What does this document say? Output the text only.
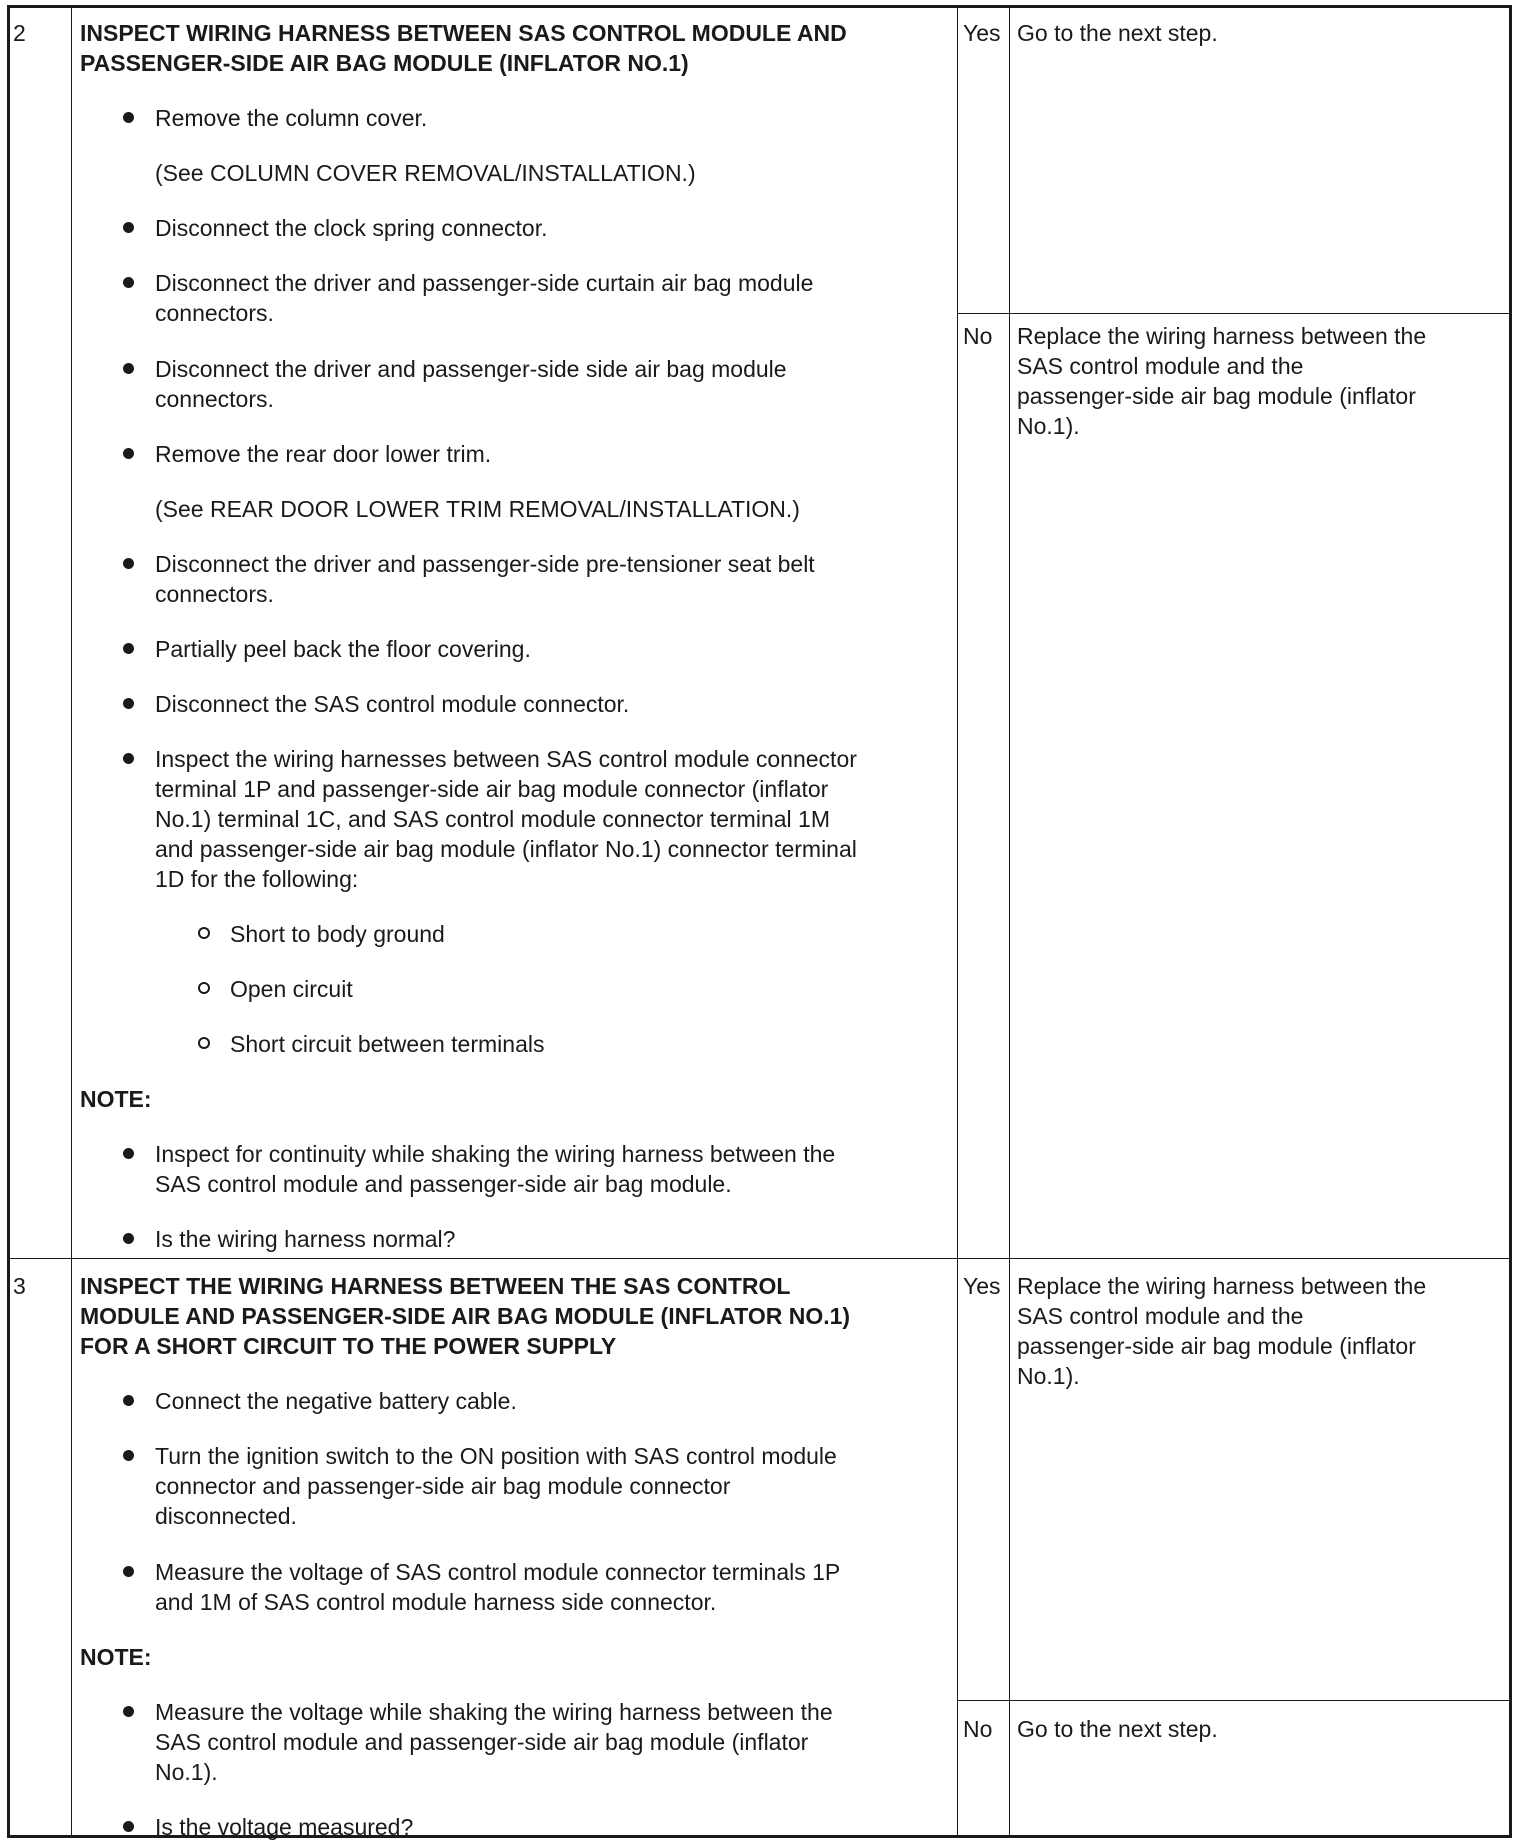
2 INSPECT WIRING HARNESS BETWEEN SAS CONTROL MODULE AND
PASSENGER-SIDE AIR BAG MODULE (INFLATOR NO.1)
Remove the column cover.
(See COLUMN COVER REMOVAL/INSTALLATION.)
Disconnect the clock spring connector.
Disconnect the driver and passenger-side curtain air bag module
connectors.
Disconnect the driver and passenger-side side air bag module
connectors.
Remove the rear door lower trim.
(See REAR DOOR LOWER TRIM REMOVAL/INSTALLATION.)
Disconnect the driver and passenger-side pre-tensioner seat belt
connectors.
Partially peel back the floor covering.
Disconnect the SAS control module connector.
Inspect the wiring harnesses between SAS control module connector
terminal 1P and passenger-side air bag module connector (inflator
No.1) terminal 1C, and SAS control module connector terminal 1M
and passenger-side air bag module (inflator No.1) connector terminal
1D for the following:
Short to body ground
Open circuit
Short circuit between terminals
NOTE:
Inspect for continuity while shaking the wiring harness between the
SAS control module and passenger-side air bag module.
Is the wiring harness normal?
Yes Go to the next step.
No Replace the wiring harness between the
SAS control module and the
passenger-side air bag module (inflator
No.1).
3 INSPECT THE WIRING HARNESS BETWEEN THE SAS CONTROL
MODULE AND PASSENGER-SIDE AIR BAG MODULE (INFLATOR NO.1)
FOR A SHORT CIRCUIT TO THE POWER SUPPLY
Connect the negative battery cable.
Turn the ignition switch to the ON position with SAS control module
connector and passenger-side air bag module connector
disconnected.
Measure the voltage of SAS control module connector terminals 1P
and 1M of SAS control module harness side connector.
NOTE:
Measure the voltage while shaking the wiring harness between the
SAS control module and passenger-side air bag module (inflator
No.1).
Is the voltage measured?
Yes Replace the wiring harness between the
SAS control module and the
passenger-side air bag module (inflator
No.1).
No Go to the next step.
